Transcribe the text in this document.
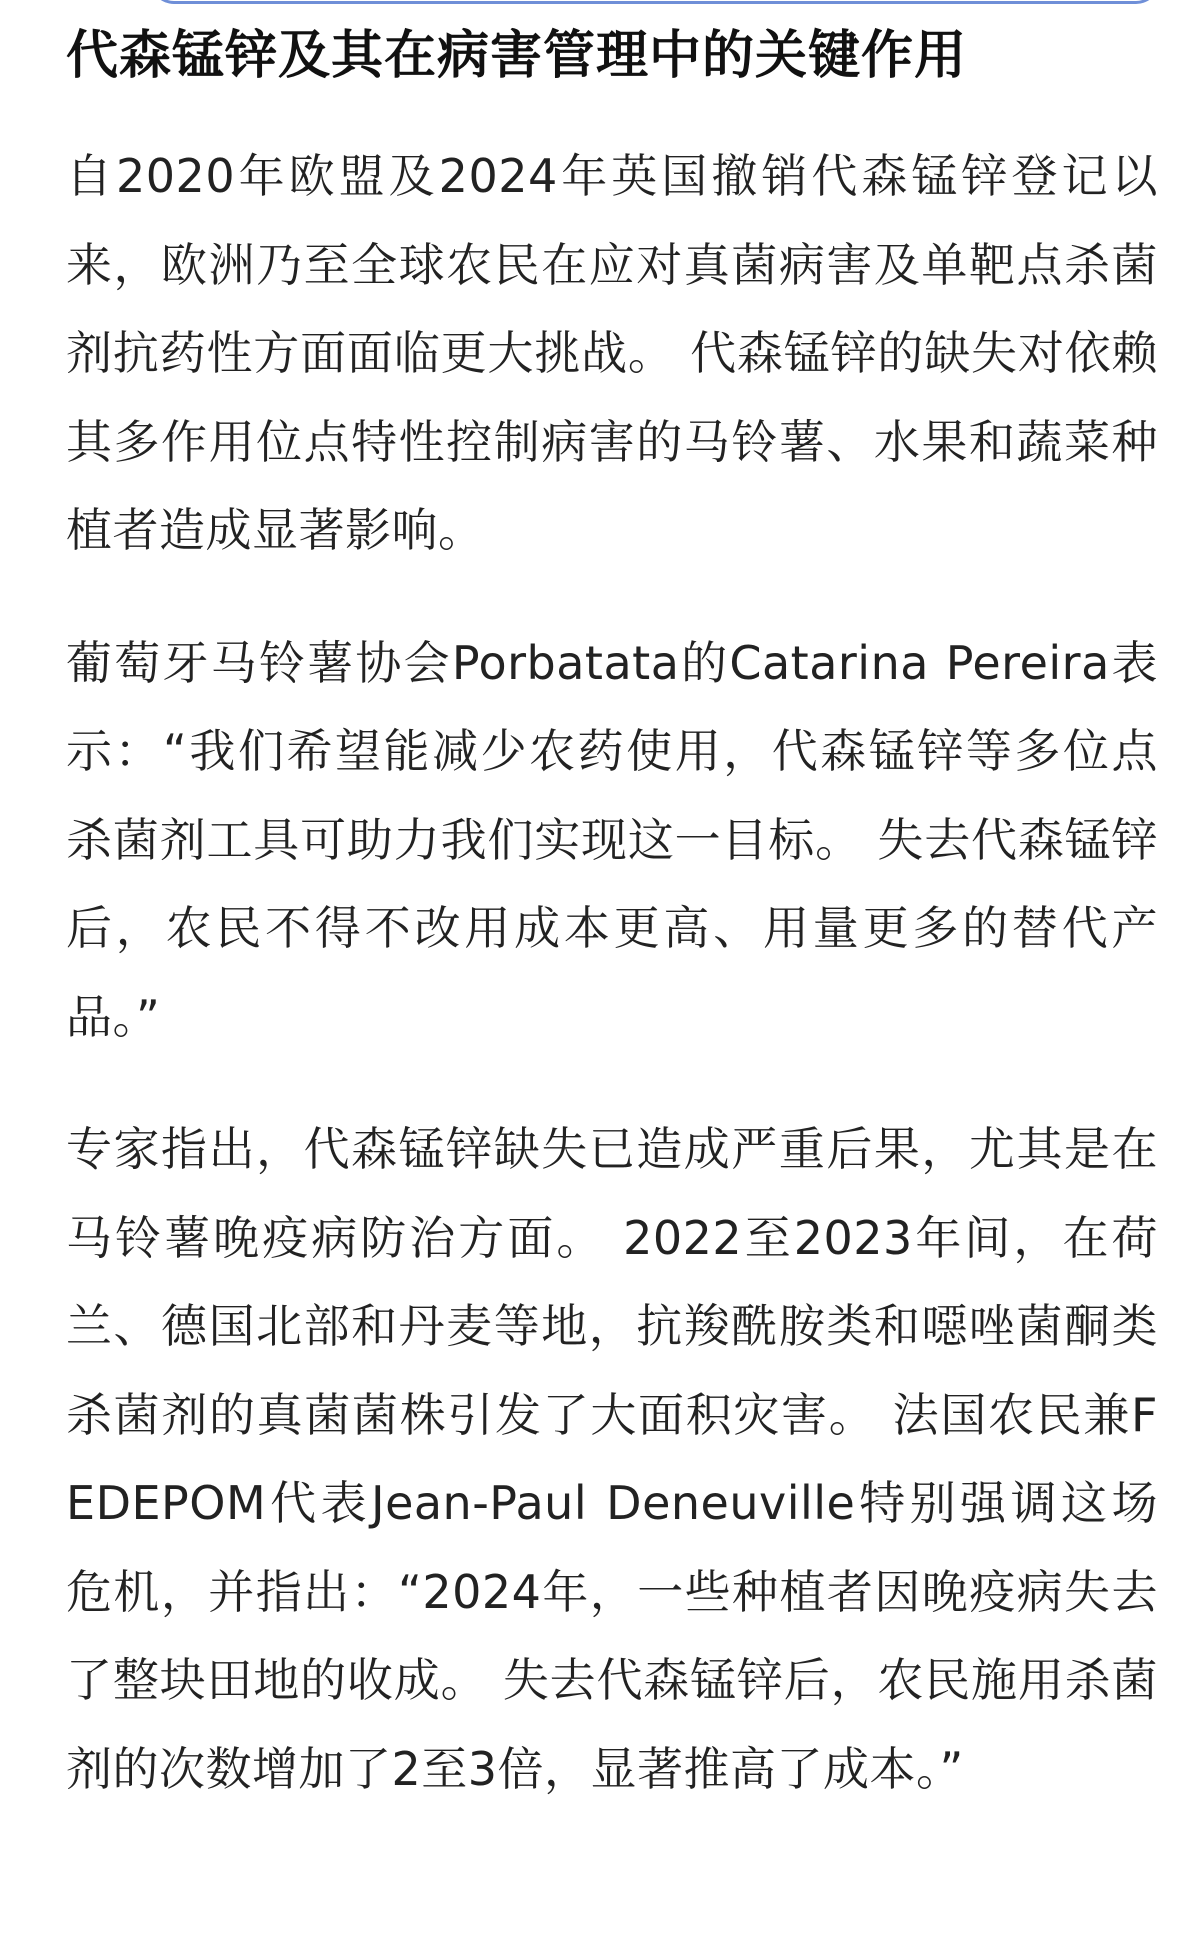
代森锰锌及其在病害管理中的关键作用

自2020年欧盟及2024年英国撤销代森锰锌登记以来，欧洲乃至全球农民在应对真菌病害及单靶点杀菌剂抗药性方面面临更大挑战。 代森锰锌的缺失对依赖其多作用位点特性控制病害的马铃薯、水果和蔬菜种植者造成显著影响。

葡萄牙马铃薯协会Porbatata的Catarina Pereira表示：“我们希望能减少农药使用，代森锰锌等多位点杀菌剂工具可助力我们实现这一目标。 失去代森锰锌后，农民不得不改用成本更高、用量更多的替代产品。”

专家指出，代森锰锌缺失已造成严重后果，尤其是在马铃薯晚疫病防治方面。 2022至2023年间，在荷兰、德国北部和丹麦等地，抗羧酰胺类和噁唑菌酮类杀菌剂的真菌菌株引发了大面积灾害。 法国农民兼FEDEPOM代表Jean-Paul Deneuville特别强调这场危机，并指出：“2024年，一些种植者因晚疫病失去了整块田地的收成。 失去代森锰锌后，农民施用杀菌剂的次数增加了2至3倍，显著推高了成本。”
